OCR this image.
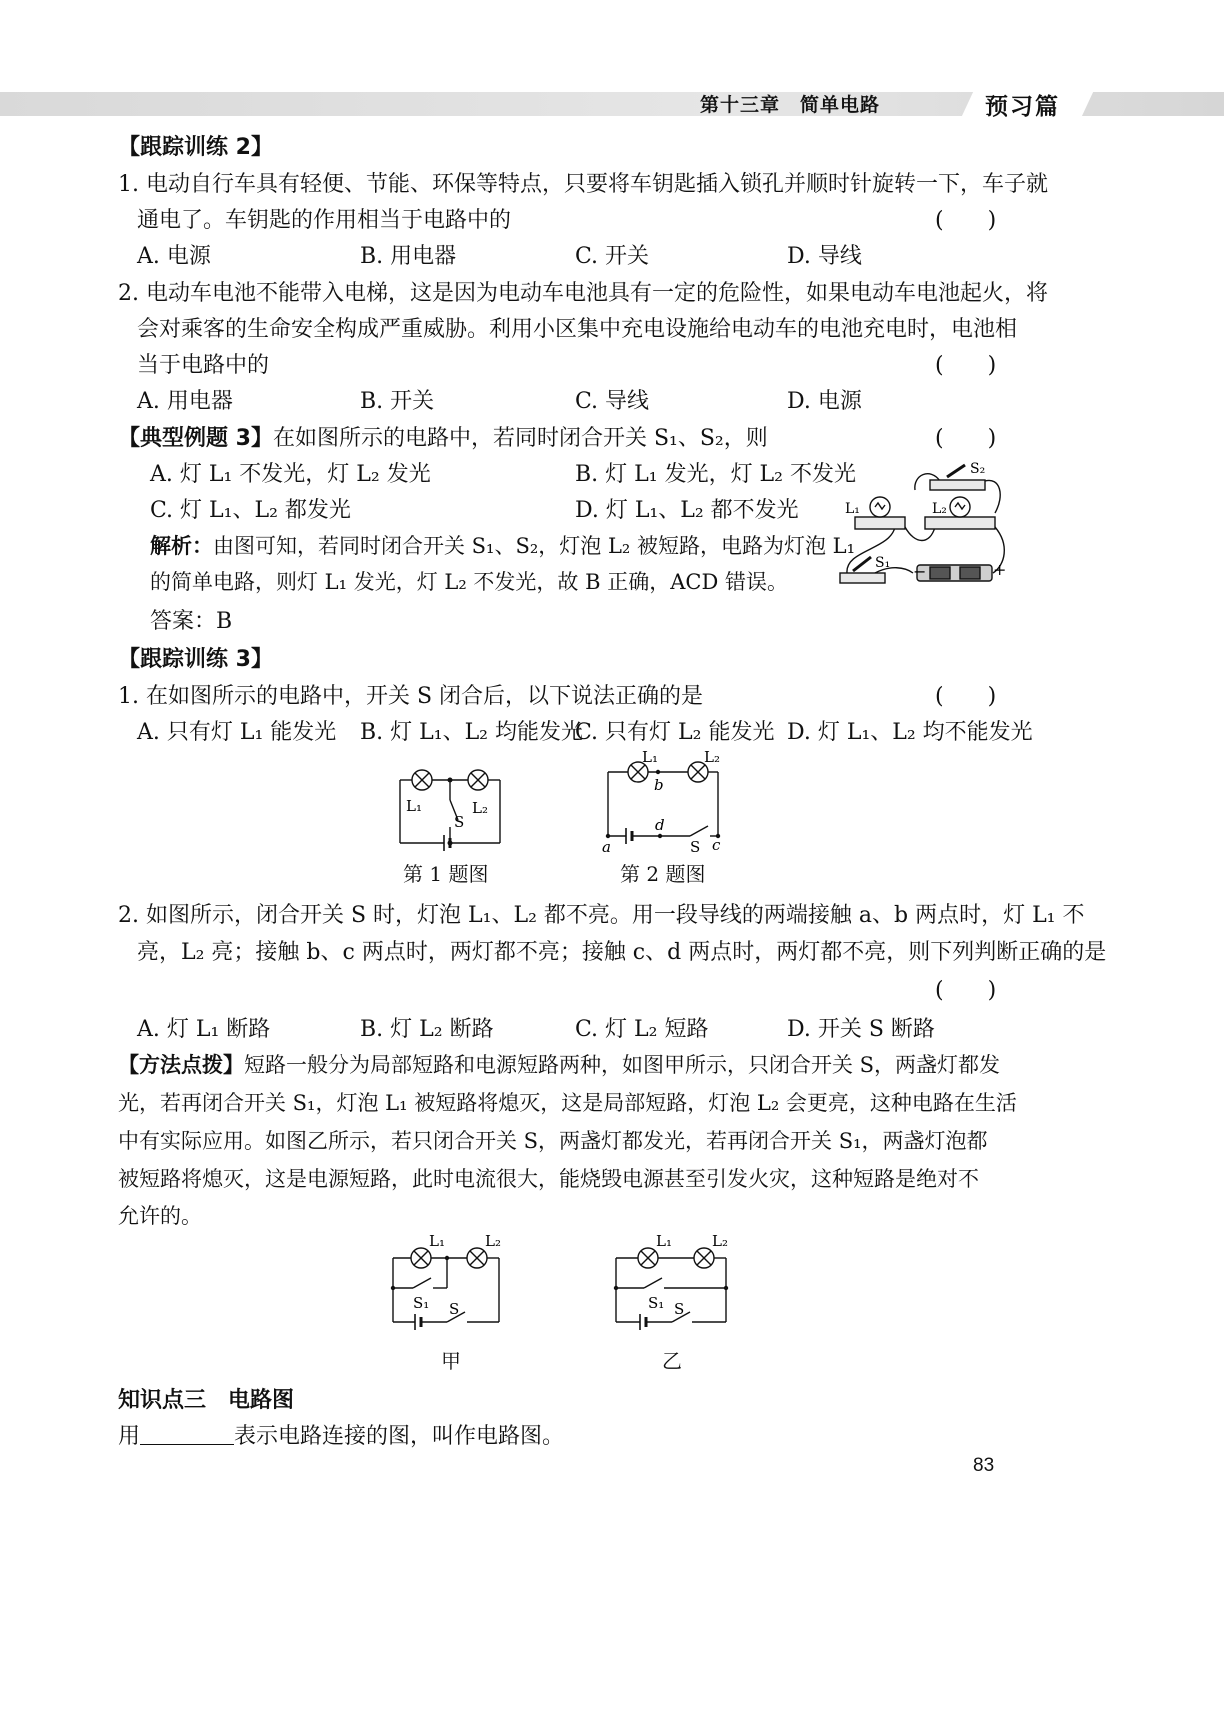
第十三章　简单电路	预习篇
【跟踪训练 2】
1. 电动自行车具有轻便、节能、环保等特点，只要将车钥匙插入锁孔并顺时针旋转一下，车子就
通电了。车钥匙的作用相当于电路中的	(　　)
A. 电源	B. 用电器	C. 开关	D. 导线
2. 电动车电池不能带入电梯，这是因为电动车电池具有一定的危险性，如果电动车电池起火，将
会对乘客的生命安全构成严重威胁。利用小区集中充电设施给电动车的电池充电时，电池相
当于电路中的	(　　)
A. 用电器	B. 开关	C. 导线	D. 电源
【典型例题 3】在如图所示的电路中，若同时闭合开关 S₁、S₂，则	(　　)
A. 灯 L₁ 不发光，灯 L₂ 发光	B. 灯 L₁ 发光，灯 L₂ 不发光
C. 灯 L₁、L₂ 都发光	D. 灯 L₁、L₂ 都不发光
解析：由图可知，若同时闭合开关 S₁、S₂，灯泡 L₂ 被短路，电路为灯泡 L₁
的简单电路，则灯 L₁ 发光，灯 L₂ 不发光，故 B 正确，ACD 错误。
答案：B
L₁	L₂
S₂
S₁ −	+
【跟踪训练 3】
1. 在如图所示的电路中，开关 S 闭合后，以下说法正确的是	(　　)
A. 只有灯 L₁ 能发光 B. 灯 L₁、L₂ 均能发光
C. 只有灯 L₂ 能发光 D. 灯 L₁、L₂ 均不能发光
L₁	L₂
S
第 1 题图
L₁	L₂
b
d
a	S c
第 2 题图
2. 如图所示，闭合开关 S 时，灯泡 L₁、L₂ 都不亮。用一段导线的两端接触 a、b 两点时，灯 L₁ 不
亮，L₂ 亮；接触 b、c 两点时，两灯都不亮；接触 c、d 两点时，两灯都不亮，则下列判断正确的是
(　　)
A. 灯 L₁ 断路	B. 灯 L₂ 断路	C. 灯 L₂ 短路	D. 开关 S 断路
【方法点拨】短路一般分为局部短路和电源短路两种，如图甲所示，只闭合开关 S，两盏灯都发
光，若再闭合开关 S₁，灯泡 L₁ 被短路将熄灭，这是局部短路，灯泡 L₂ 会更亮，这种电路在生活
中有实际应用。如图乙所示，若只闭合开关 S，两盏灯都发光，若再闭合开关 S₁，两盏灯泡都
被短路将熄灭，这是电源短路，此时电流很大，能烧毁电源甚至引发火灾，这种短路是绝对不
允许的。
L₁	L₂
S₁ S
甲
L₁	L₂
S₁ S
乙
知识点三　电路图
用	表示电路连接的图，叫作电路图。
83
